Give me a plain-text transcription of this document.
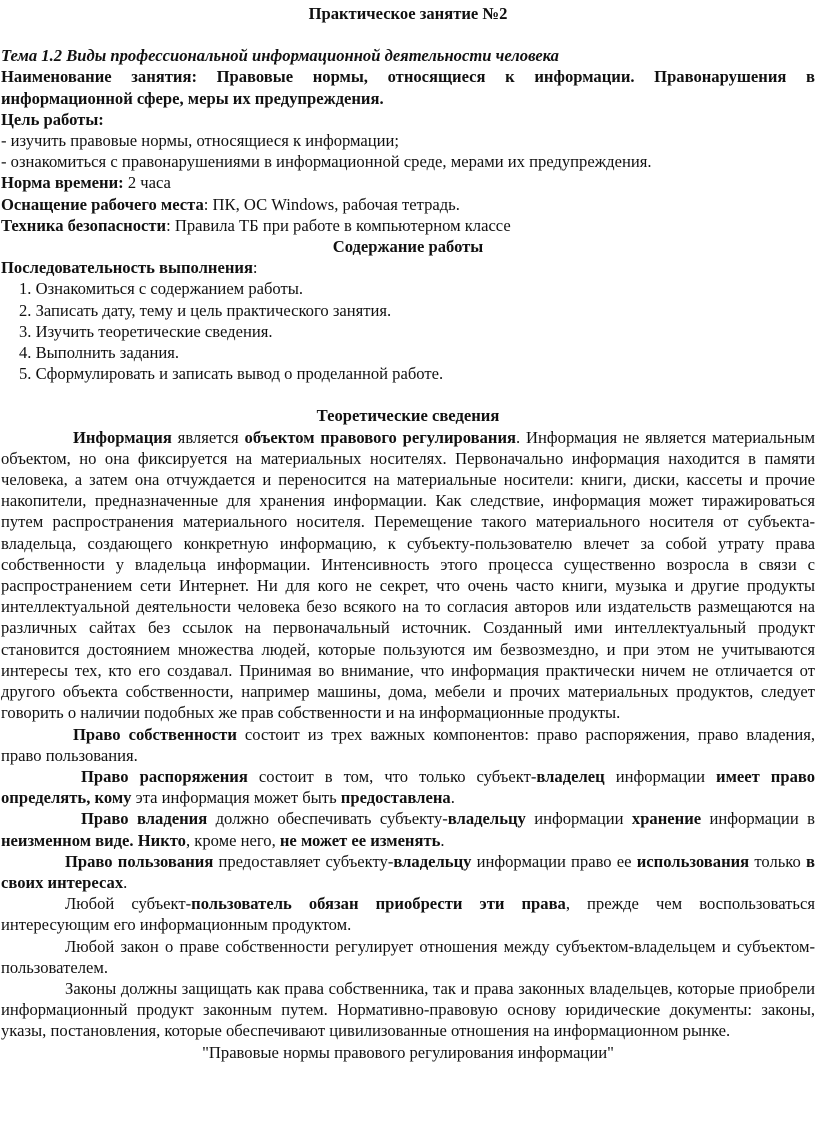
Практическое занятие №2

Тема 1.2 Виды профессиональной информационной деятельности человека

Наименование занятия: Правовые нормы, относящиеся к информации. Правонарушения в информационной сфере, меры их предупреждения.

Цель работы:

- изучить правовые нормы, относящиеся к информации;

- ознакомиться с правонарушениями в информационной среде, мерами их предупреждения.

Норма времени: 2 часа

Оснащение рабочего места: ПК, ОС Windows, рабочая тетрадь.

Техника безопасности: Правила ТБ при работе в компьютерном классе

Содержание работы

Последовательность выполнения:

1. Ознакомиться с содержанием работы.
2. Записать дату, тему и цель практического занятия.
3. Изучить теоретические сведения.
4. Выполнить задания.
5. Сформулировать и записать вывод о проделанной работе.

Теоретические сведения

Информация является объектом правового регулирования. Информация не является материальным объектом, но она фиксируется на материальных носителях. Первоначально информация находится в памяти человека, а затем она отчуждается и переносится на материальные носители: книги, диски, кассеты и прочие накопители, предназначенные для хранения информации. Как следствие, информация может тиражироваться путем распространения материального носителя. Перемещение такого материального носителя от субъекта-владельца, создающего конкретную информацию, к субъекту-пользователю влечет за собой утрату права собственности у владельца информации. Интенсивность этого процесса существенно возросла в связи с распространением сети Интернет. Ни для кого не секрет, что очень часто книги, музыка и другие продукты интеллектуальной деятельности человека безо всякого на то согласия авторов или издательств размещаются на различных сайтах без ссылок на первоначальный источник. Созданный ими интеллектуальный продукт становится достоянием множества людей, которые пользуются им безвозмездно, и при этом не учитываются интересы тех, кто его создавал. Принимая во внимание, что информация практически ничем не отличается от другого объекта собственности, например машины, дома, мебели и прочих материальных продуктов, следует говорить о наличии подобных же прав собственности и на информационные продукты.

Право собственности состоит из трех важных компонентов: право распоряжения, право владения, право пользования.

Право распоряжения состоит в том, что только субъект-владелец информации имеет право определять, кому эта информация может быть предоставлена.

Право владения должно обеспечивать субъекту-владельцу информации хранение информации в неизменном виде. Никто, кроме него, не может ее изменять.

Право пользования предоставляет субъекту-владельцу информации право ее использования только в своих интересах.

Любой субъект-пользователь обязан приобрести эти права, прежде чем воспользоваться интересующим его информационным продуктом.

Любой закон о праве собственности регулирует отношения между субъектом-владельцем и субъектом-пользователем.

Законы должны защищать как права собственника, так и права законных владельцев, которые приобрели информационный продукт законным путем. Нормативно-правовую основу юридические документы: законы, указы, постановления, которые обеспечивают цивилизованные отношения на информационном рынке.

"Правовые нормы правового регулирования информации"
